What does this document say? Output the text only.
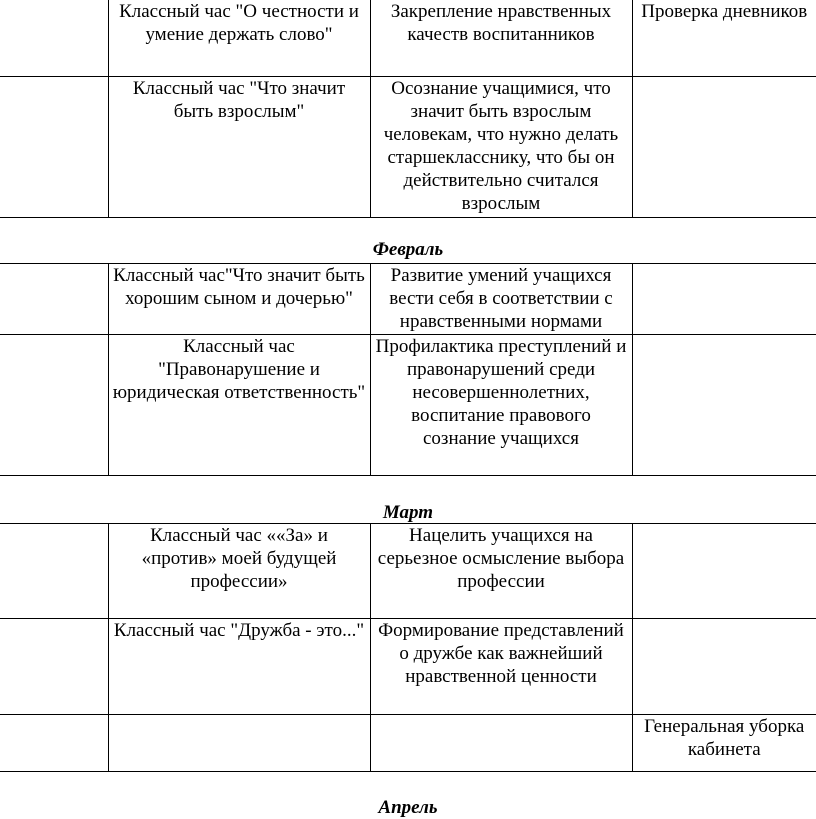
	Классный час "О честности и умение держать слово"	Закрепление нравственных качеств воспитанников	Проверка дневников
	Классный час "Что значит быть взрослым"	Осознание учащимися, что значит быть взрослым человекам, что нужно делать старшекласснику, что бы он действительно считался взрослым	
Февраль
	Классный час"Что значит быть хорошим сыном и дочерью"	Развитие умений учащихся вести себя в соответствии с нравственными нормами	
	Классный час "Правонарушение и юридическая ответственность"	Профилактика преступлений и правонарушений среди несовершеннолетних, воспитание правового сознание учащихся	
Март
	Классный час ««За» и «против» моей будущей профессии»	Нацелить учащихся на серьезное осмысление выбора профессии	
	Классный час "Дружба - это..."	Формирование представлений о дружбе как важнейший нравственной ценности	
			Генеральная уборка кабинета
Апрель
